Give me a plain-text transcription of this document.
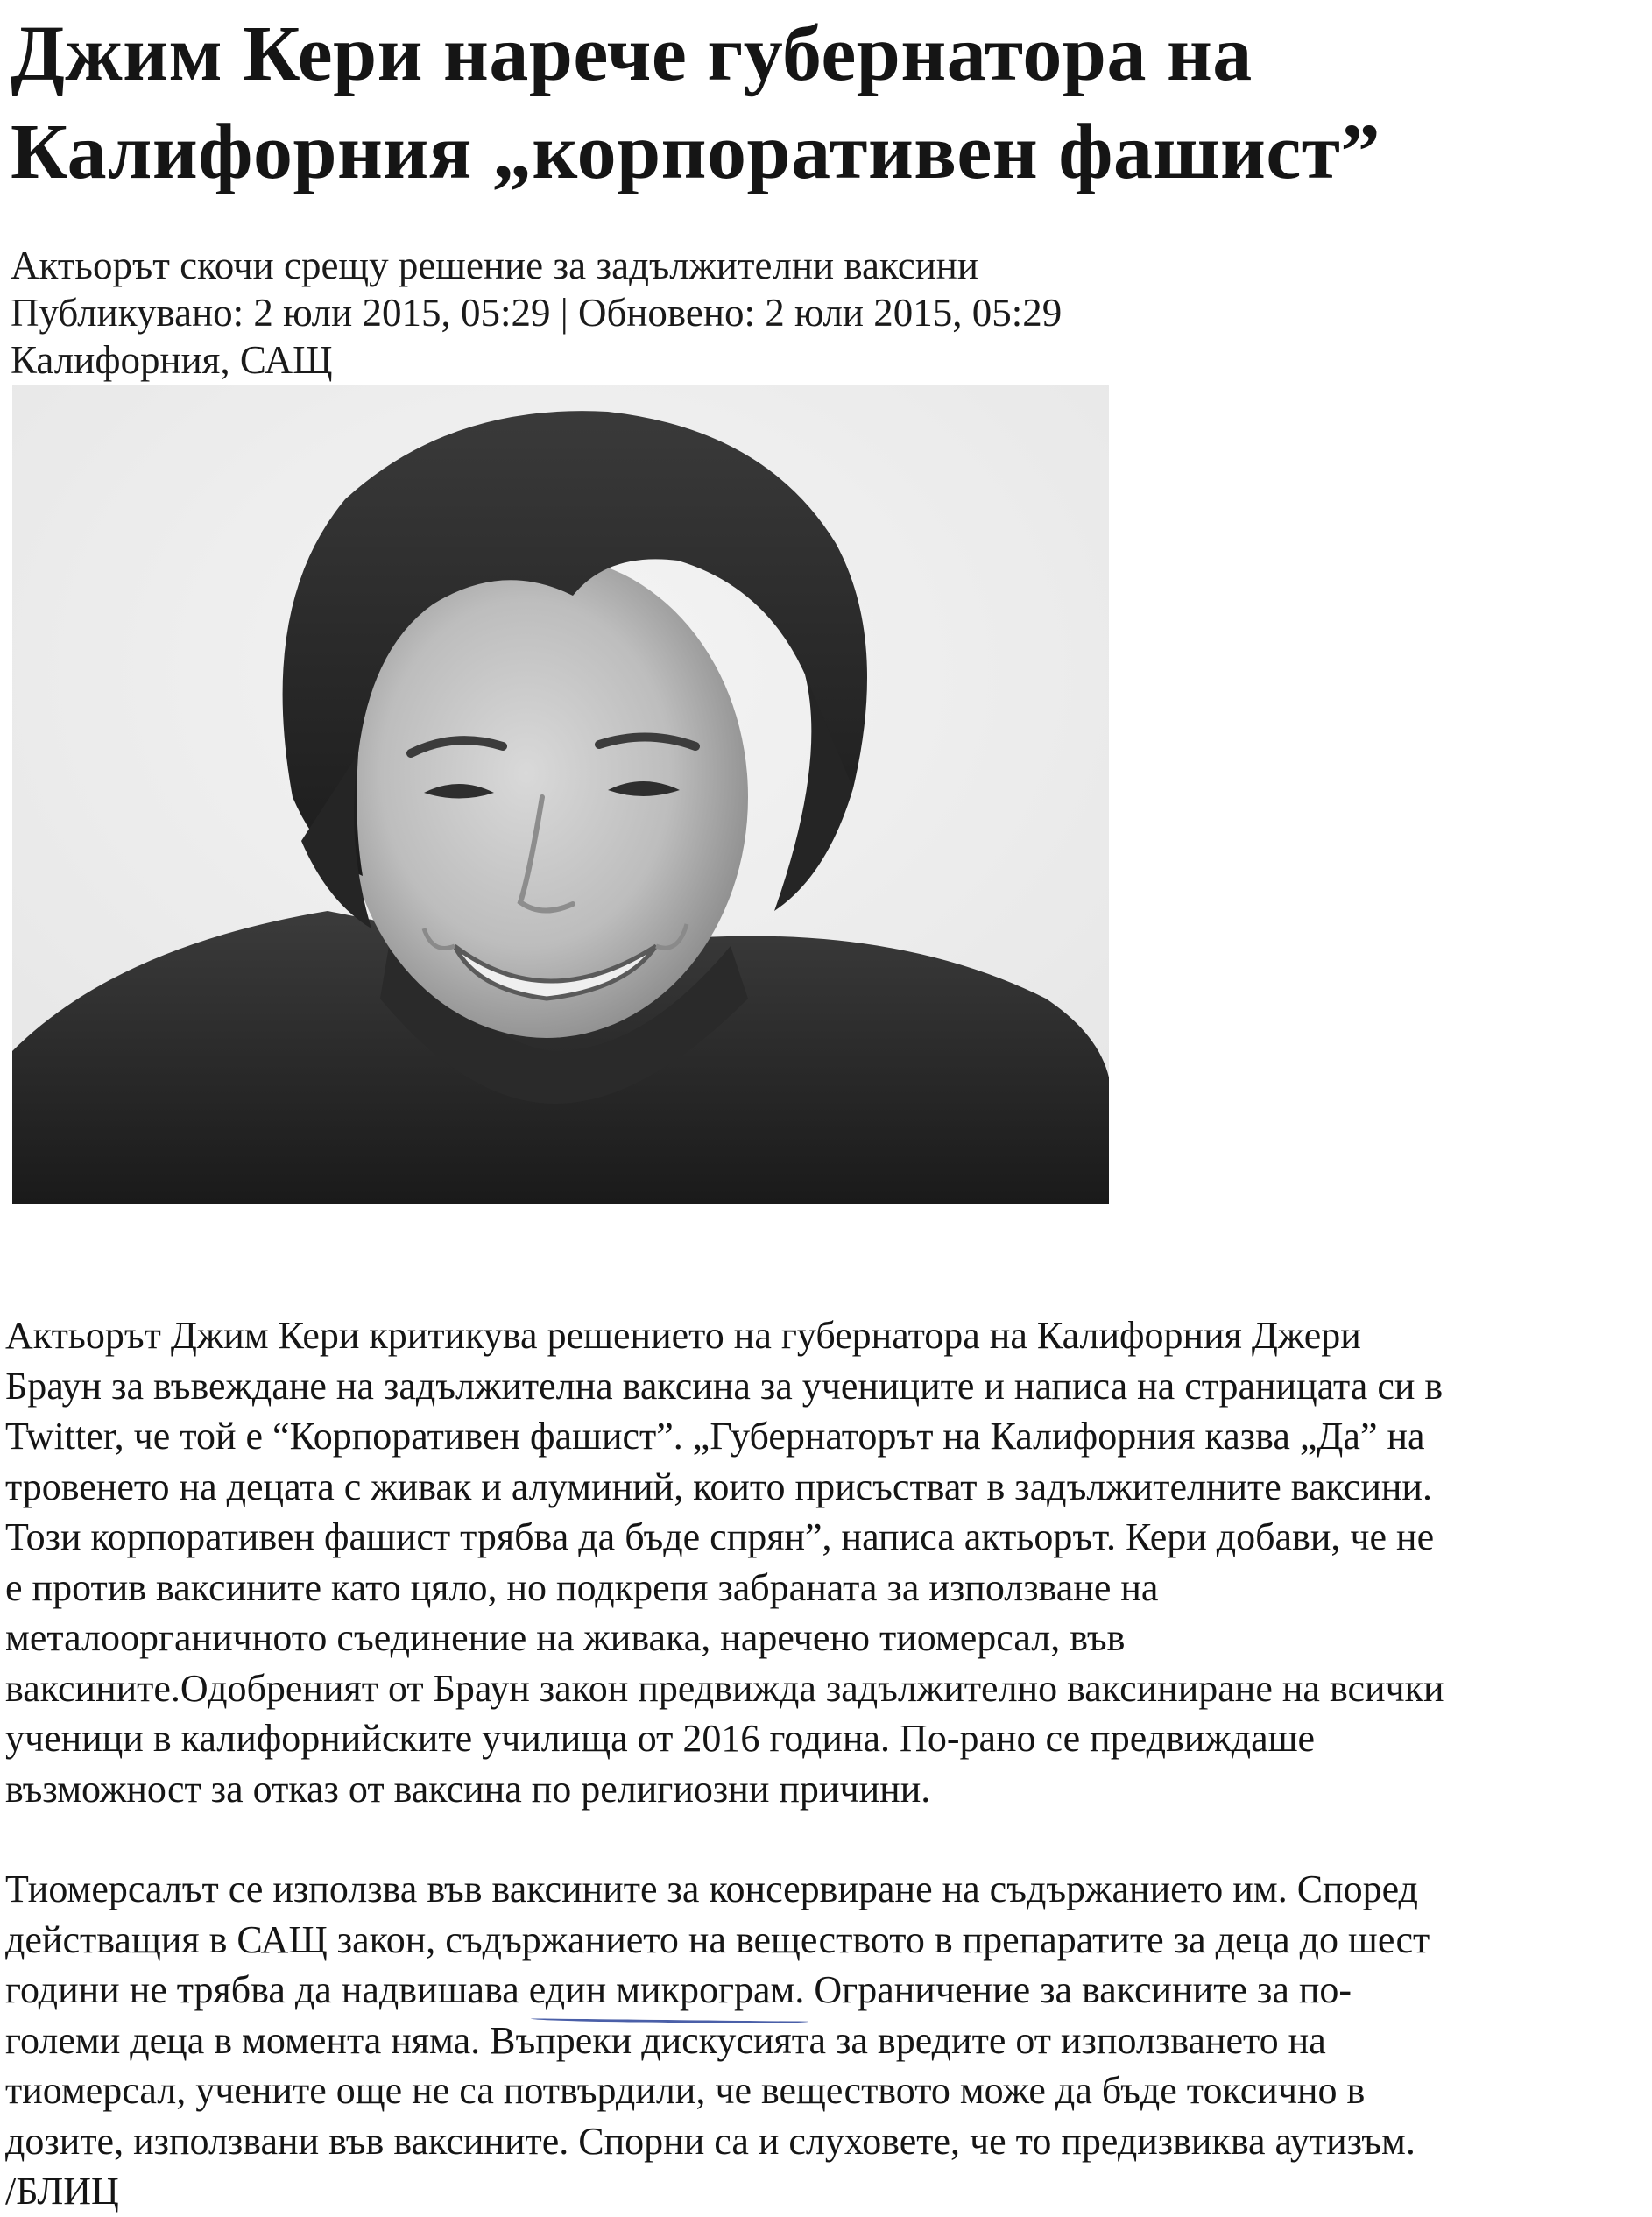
Джим Кери нарече губернатора на
Калифорния „корпоративен фашист”
Актьорът скочи срещу решение за задължителни ваксини
Публикувано: 2 юли 2015, 05:29 | Обновено: 2 юли 2015, 05:29
Калифорния, САЩ

Актьорът Джим Кери критикува решението на губернатора на Калифорния Джери
Браун за въвеждане на задължителна ваксина за учениците и написа на страницата си в
Twitter, че той е “Корпоративен фашист”. „Губернаторът на Калифорния казва „Да” на
тровенето на децата с живак и алуминий, които присъстват в задължителните ваксини.
Този корпоративен фашист трябва да бъде спрян”, написа актьорът. Кери добави, че не
е против ваксините като цяло, но подкрепя забраната за използване на
металоорганичното съединение на живака, наречено тиомерсал, във
ваксините.Одобреният от Браун закон предвижда задължително ваксиниране на всички
ученици в калифорнийските училища от 2016 година. По-рано се предвиждаше
възможност за отказ от ваксина по религиозни причини.

Тиомерсалът се използва във ваксините за консервиране на съдържанието им. Според
действащия в САЩ закон, съдържанието на веществото в препаратите за деца до шест
години не трябва да надвишава един микрограм. Ограничение за ваксините за по-
големи деца в момента няма. Въпреки дискусията за вредите от използването на
тиомерсал, учените още не са потвърдили, че веществото може да бъде токсично в
дозите, използвани във ваксините. Спорни са и слуховете, че то предизвиква аутизъм.
/БЛИЦ
